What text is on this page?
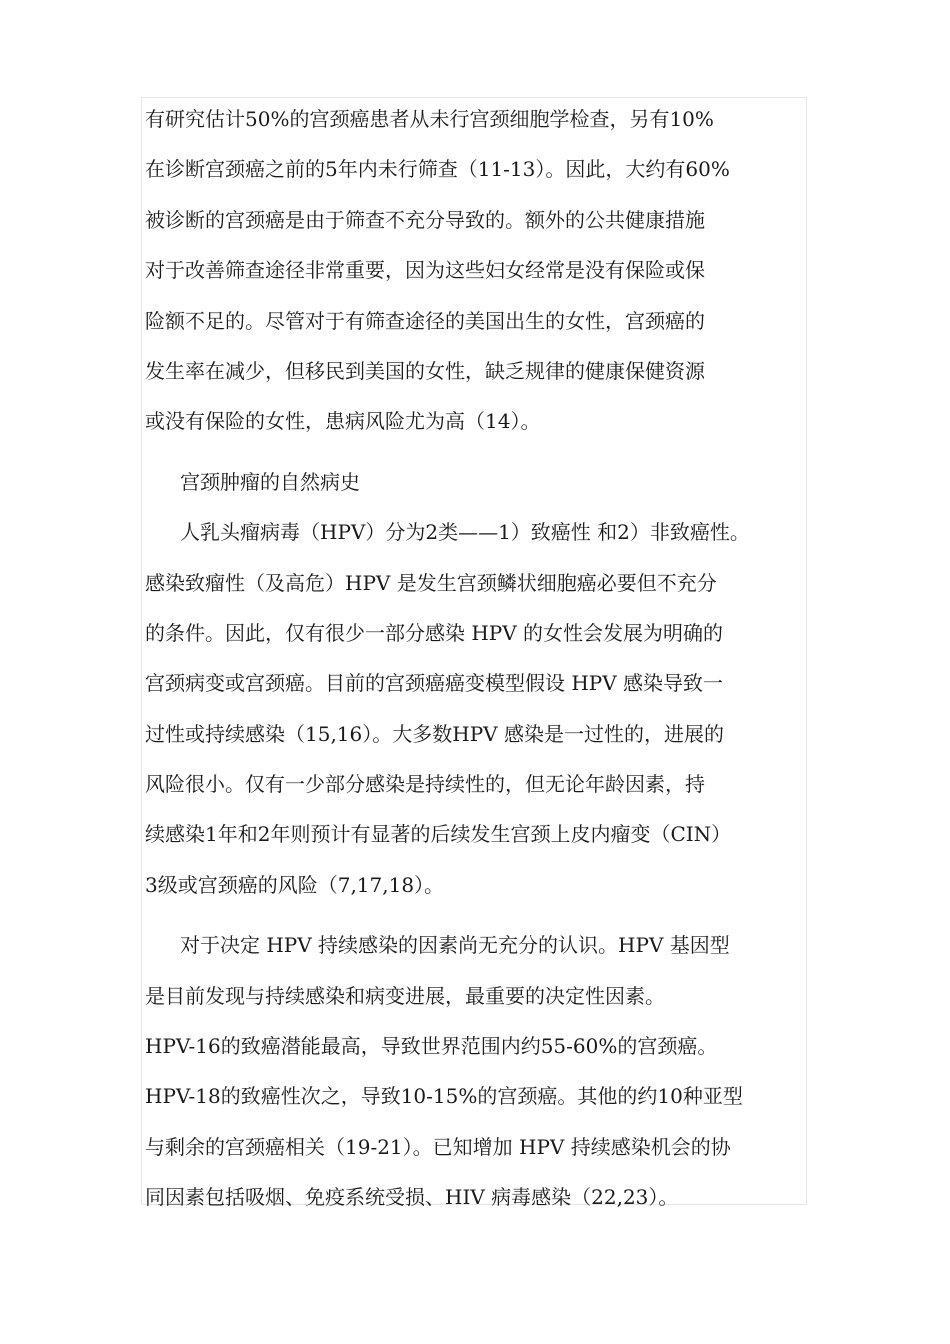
有研究估计50%的宫颈癌患者从未行宫颈细胞学检查，另有10%
在诊断宫颈癌之前的5年内未行筛查（11-13）。因此，大约有60%
被诊断的宫颈癌是由于筛查不充分导致的。额外的公共健康措施
对于改善筛查途径非常重要，因为这些妇女经常是没有保险或保
险额不足的。尽管对于有筛查途径的美国出生的女性，宫颈癌的
发生率在减少，但移民到美国的女性，缺乏规律的健康保健资源
或没有保险的女性，患病风险尤为高（14）。
宫颈肿瘤的自然病史
人乳头瘤病毒（HPV）分为2类——1）致癌性 和2）非致癌性。
感染致瘤性（及高危）HPV 是发生宫颈鳞状细胞癌必要但不充分
的条件。因此，仅有很少一部分感染 HPV 的女性会发展为明确的
宫颈病变或宫颈癌。目前的宫颈癌癌变模型假设 HPV 感染导致一
过性或持续感染（15,16）。大多数HPV 感染是一过性的，进展的
风险很小。仅有一少部分感染是持续性的，但无论年龄因素，持
续感染1年和2年则预计有显著的后续发生宫颈上皮内瘤变（CIN）
3级或宫颈癌的风险（7,17,18）。
对于决定 HPV 持续感染的因素尚无充分的认识。HPV 基因型
是目前发现与持续感染和病变进展，最重要的决定性因素。
HPV-16的致癌潜能最高，导致世界范围内约55-60%的宫颈癌。
HPV-18的致癌性次之，导致10-15%的宫颈癌。其他的约10种亚型
与剩余的宫颈癌相关（19-21）。已知增加 HPV 持续感染机会的协
同因素包括吸烟、免疫系统受损、HIV 病毒感染（22,23）。
